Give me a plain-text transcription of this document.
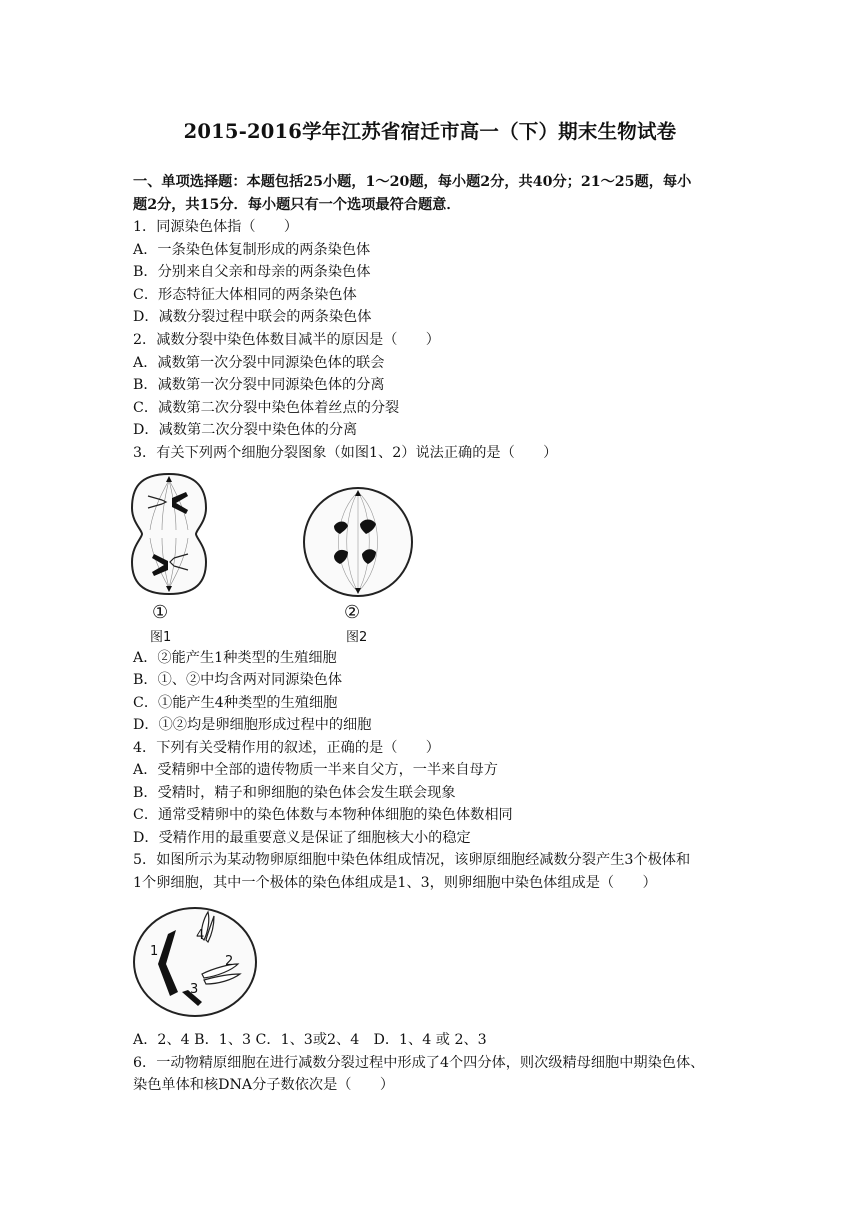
2015-2016学年江苏省宿迁市高一（下）期末生物试卷
一、单项选择题：本题包括25小题，1～20题，每小题2分，共40分；21～25题，每小
题2分，共15分．每小题只有一个选项最符合题意．
1．同源染色体指（　　）
A．一条染色体复制形成的两条染色体
B．分别来自父亲和母亲的两条染色体
C．形态特征大体相同的两条染色体
D．减数分裂过程中联会的两条染色体
2．减数分裂中染色体数目减半的原因是（　　）
A．减数第一次分裂中同源染色体的联会
B．减数第一次分裂中同源染色体的分离
C．减数第二次分裂中染色体着丝点的分裂
D．减数第二次分裂中染色体的分离
3．有关下列两个细胞分裂图象（如图1、2）说法正确的是（　　）
①
图1
②
图2
A．②能产生1种类型的生殖细胞
B．①、②中均含两对同源染色体
C．①能产生4种类型的生殖细胞
D．①②均是卵细胞形成过程中的细胞
4．下列有关受精作用的叙述，正确的是（　　）
A．受精卵中全部的遗传物质一半来自父方，一半来自母方
B．受精时，精子和卵细胞的染色体会发生联会现象
C．通常受精卵中的染色体数与本物种体细胞的染色体数相同
D．受精作用的最重要意义是保证了细胞核大小的稳定
5．如图所示为某动物卵原细胞中染色体组成情况，该卵原细胞经减数分裂产生3个极体和
1个卵细胞，其中一个极体的染色体组成是1、3，则卵细胞中染色体组成是（　　）
1
2
3
4
A．2、4 B．1、3 C．1、3或2、4　D．1、4 或 2、3
6．一动物精原细胞在进行减数分裂过程中形成了4个四分体，则次级精母细胞中期染色体、
染色单体和核DNA分子数依次是（　　）
